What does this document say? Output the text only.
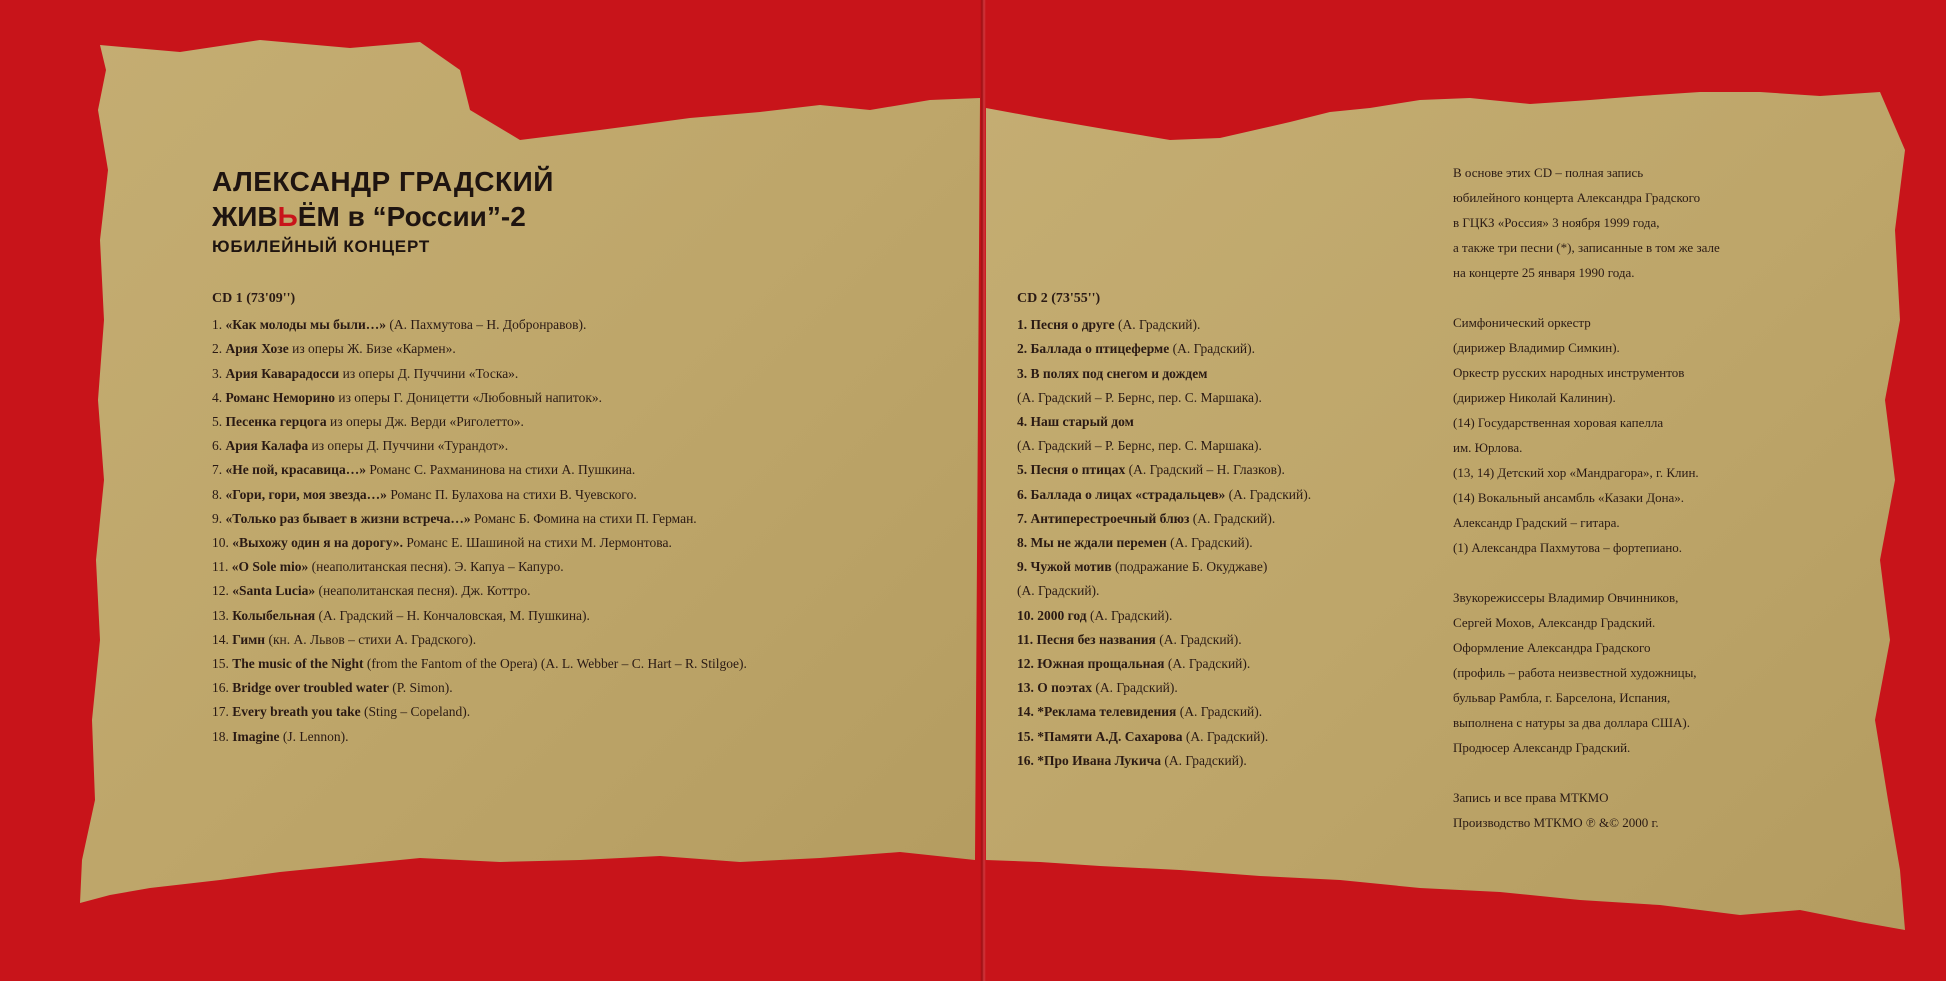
АЛЕКСАНДР ГРАДСКИЙ
ЖИВЬЁМ в “России”-2
ЮБИЛЕЙНЫЙ КОНЦЕРТ
CD 1 (73'09'')
1. «Как молоды мы были…» (А. Пахмутова – Н. Добронравов).
2. Ария Хозе из оперы Ж. Бизе «Кармен».
3. Ария Каварадосси из оперы Д. Пуччини «Тоска».
4. Романс Неморино из оперы Г. Доницетти «Любовный напиток».
5. Песенка герцога из оперы Дж. Верди «Риголетто».
6. Ария Калафа из оперы Д. Пуччини «Турандот».
7. «Не пой, красавица…» Романс С. Рахманинова на стихи А. Пушкина.
8. «Гори, гори, моя звезда…» Романс П. Булахова на стихи В. Чуевского.
9. «Только раз бывает в жизни встреча…» Романс Б. Фомина на стихи П. Герман.
10. «Выхожу один я на дорогу». Романс Е. Шашиной на стихи М. Лермонтова.
11. «O Sole mio» (неаполитанская песня). Э. Капуа – Капуро.
12. «Santa Lucia» (неаполитанская песня). Дж. Коттро.
13. Колыбельная (А. Градский – Н. Кончаловская, М. Пушкина).
14. Гимн (кн. А. Львов – стихи А. Градского).
15. The music of the Night (from the Fantom of the Opera) (A. L. Webber – C. Hart – R. Stilgoe).
16. Bridge over troubled water (P. Simon).
17. Every breath you take (Sting – Copeland).
18. Imagine (J. Lennon).
CD 2 (73'55'')
1. Песня о друге (А. Градский).
2. Баллада о птицеферме (А. Градский).
3. В полях под снегом и дождем
(А. Градский – Р. Бернс, пер. С. Маршака).
4. Наш старый дом
(А. Градский – Р. Бернс, пер. С. Маршака).
5. Песня о птицах (А. Градский – Н. Глазков).
6. Баллада о лицах «страдальцев» (А. Градский).
7. Антиперестроечный блюз (А. Градский).
8. Мы не ждали перемен (А. Градский).
9. Чужой мотив (подражание Б. Окуджаве)
(А. Градский).
10. 2000 год (А. Градский).
11. Песня без названия (А. Градский).
12. Южная прощальная (А. Градский).
13. О поэтах (А. Градский).
14. *Реклама телевидения (А. Градский).
15. *Памяти А.Д. Сахарова (А. Градский).
16. *Про Ивана Лукича (А. Градский).
В основе этих CD – полная запись
юбилейного концерта Александра Градского
в ГЦКЗ «Россия» 3 ноября 1999 года,
а также три песни (*), записанные в том же зале
на концерте 25 января 1990 года.
Симфонический оркестр
(дирижер Владимир Симкин).
Оркестр русских народных инструментов
(дирижер Николай Калинин).
(14) Государственная хоровая капелла
им. Юрлова.
(13, 14) Детский хор «Мандрагора», г. Клин.
(14) Вокальный ансамбль «Казаки Дона».
Александр Градский – гитара.
(1) Александра Пахмутова – фортепиано.
Звукорежиссеры Владимир Овчинников,
Сергей Мохов, Александр Градский.
Оформление Александра Градского
(профиль – работа неизвестной художницы,
бульвар Рамбла, г. Барселона, Испания,
выполнена с натуры за два доллара США).
Продюсер Александр Градский.
Запись и все права МТКМО
Производство МТКМО ℗ &© 2000 г.
